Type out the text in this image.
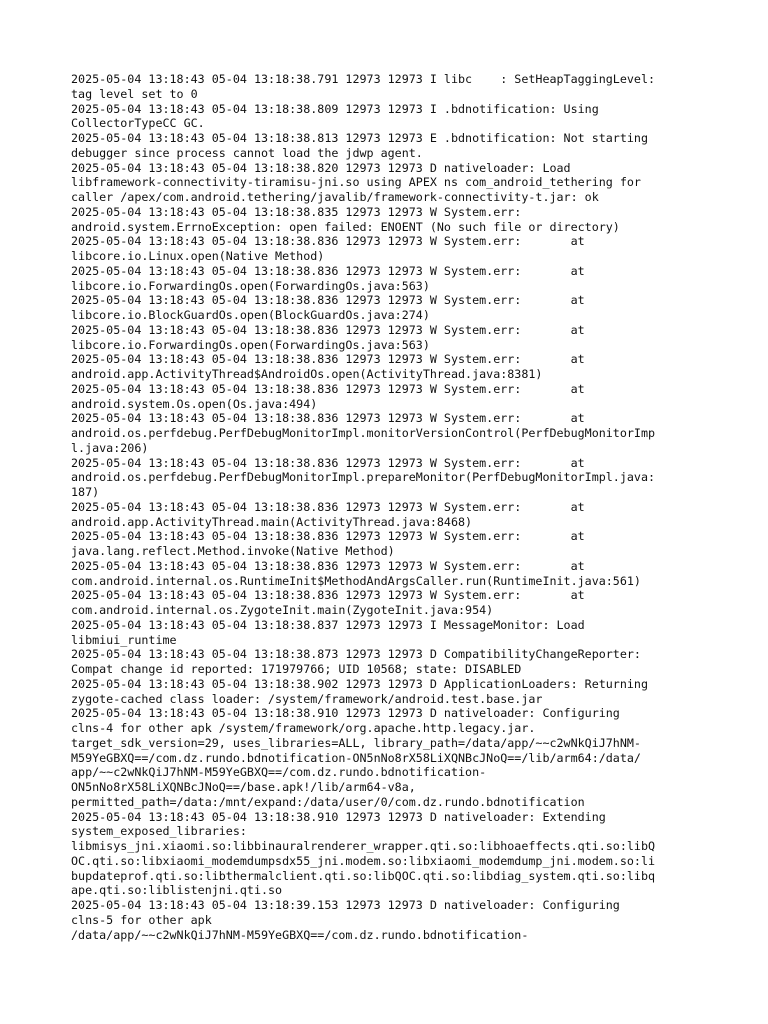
2025-05-04 13:18:43 05-04 13:18:38.791 12973 12973 I libc    : SetHeapTaggingLevel:
tag level set to 0
2025-05-04 13:18:43 05-04 13:18:38.809 12973 12973 I .bdnotification: Using
CollectorTypeCC GC.
2025-05-04 13:18:43 05-04 13:18:38.813 12973 12973 E .bdnotification: Not starting
debugger since process cannot load the jdwp agent.
2025-05-04 13:18:43 05-04 13:18:38.820 12973 12973 D nativeloader: Load
libframework-connectivity-tiramisu-jni.so using APEX ns com_android_tethering for
caller /apex/com.android.tethering/javalib/framework-connectivity-t.jar: ok
2025-05-04 13:18:43 05-04 13:18:38.835 12973 12973 W System.err:
android.system.ErrnoException: open failed: ENOENT (No such file or directory)
2025-05-04 13:18:43 05-04 13:18:38.836 12973 12973 W System.err:       at
libcore.io.Linux.open(Native Method)
2025-05-04 13:18:43 05-04 13:18:38.836 12973 12973 W System.err:       at
libcore.io.ForwardingOs.open(ForwardingOs.java:563)
2025-05-04 13:18:43 05-04 13:18:38.836 12973 12973 W System.err:       at
libcore.io.BlockGuardOs.open(BlockGuardOs.java:274)
2025-05-04 13:18:43 05-04 13:18:38.836 12973 12973 W System.err:       at
libcore.io.ForwardingOs.open(ForwardingOs.java:563)
2025-05-04 13:18:43 05-04 13:18:38.836 12973 12973 W System.err:       at
android.app.ActivityThread$AndroidOs.open(ActivityThread.java:8381)
2025-05-04 13:18:43 05-04 13:18:38.836 12973 12973 W System.err:       at
android.system.Os.open(Os.java:494)
2025-05-04 13:18:43 05-04 13:18:38.836 12973 12973 W System.err:       at
android.os.perfdebug.PerfDebugMonitorImpl.monitorVersionControl(PerfDebugMonitorImp
l.java:206)
2025-05-04 13:18:43 05-04 13:18:38.836 12973 12973 W System.err:       at
android.os.perfdebug.PerfDebugMonitorImpl.prepareMonitor(PerfDebugMonitorImpl.java:
187)
2025-05-04 13:18:43 05-04 13:18:38.836 12973 12973 W System.err:       at
android.app.ActivityThread.main(ActivityThread.java:8468)
2025-05-04 13:18:43 05-04 13:18:38.836 12973 12973 W System.err:       at
java.lang.reflect.Method.invoke(Native Method)
2025-05-04 13:18:43 05-04 13:18:38.836 12973 12973 W System.err:       at
com.android.internal.os.RuntimeInit$MethodAndArgsCaller.run(RuntimeInit.java:561)
2025-05-04 13:18:43 05-04 13:18:38.836 12973 12973 W System.err:       at
com.android.internal.os.ZygoteInit.main(ZygoteInit.java:954)
2025-05-04 13:18:43 05-04 13:18:38.837 12973 12973 I MessageMonitor: Load
libmiui_runtime
2025-05-04 13:18:43 05-04 13:18:38.873 12973 12973 D CompatibilityChangeReporter:
Compat change id reported: 171979766; UID 10568; state: DISABLED
2025-05-04 13:18:43 05-04 13:18:38.902 12973 12973 D ApplicationLoaders: Returning
zygote-cached class loader: /system/framework/android.test.base.jar
2025-05-04 13:18:43 05-04 13:18:38.910 12973 12973 D nativeloader: Configuring
clns-4 for other apk /system/framework/org.apache.http.legacy.jar.
target_sdk_version=29, uses_libraries=ALL, library_path=/data/app/~~c2wNkQiJ7hNM-
M59YeGBXQ==/com.dz.rundo.bdnotification-ON5nNo8rX58LiXQNBcJNoQ==/lib/arm64:/data/
app/~~c2wNkQiJ7hNM-M59YeGBXQ==/com.dz.rundo.bdnotification-
ON5nNo8rX58LiXQNBcJNoQ==/base.apk!/lib/arm64-v8a,
permitted_path=/data:/mnt/expand:/data/user/0/com.dz.rundo.bdnotification
2025-05-04 13:18:43 05-04 13:18:38.910 12973 12973 D nativeloader: Extending
system_exposed_libraries:
libmisys_jni.xiaomi.so:libbinauralrenderer_wrapper.qti.so:libhoaeffects.qti.so:libQ
OC.qti.so:libxiaomi_modemdumpsdx55_jni.modem.so:libxiaomi_modemdump_jni.modem.so:li
bupdateprof.qti.so:libthermalclient.qti.so:libQOC.qti.so:libdiag_system.qti.so:libq
ape.qti.so:liblistenjni.qti.so
2025-05-04 13:18:43 05-04 13:18:39.153 12973 12973 D nativeloader: Configuring
clns-5 for other apk
/data/app/~~c2wNkQiJ7hNM-M59YeGBXQ==/com.dz.rundo.bdnotification-
